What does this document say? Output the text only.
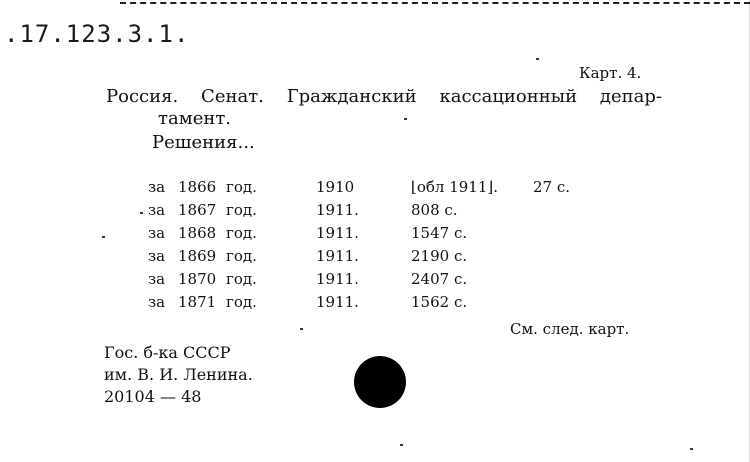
.17.123.3.1.
Карт. 4.
Россия. Сенат. Гражданский кассационный депар-
тамент.
Решения...
за 1866 год.	1910	⌊обл 1911⌋.	27 с.
за 1867 год.	1911.	808 с.
за 1868 год.	1911.	1547 с.
за 1869 год.	1911.	2190 с.
за 1870 год.	1911.	2407 с.
за 1871 год.	1911.	1562 с.
См. след. карт.
Гос. б-ка СССР
им. В. И. Ленина.
20104 — 48
